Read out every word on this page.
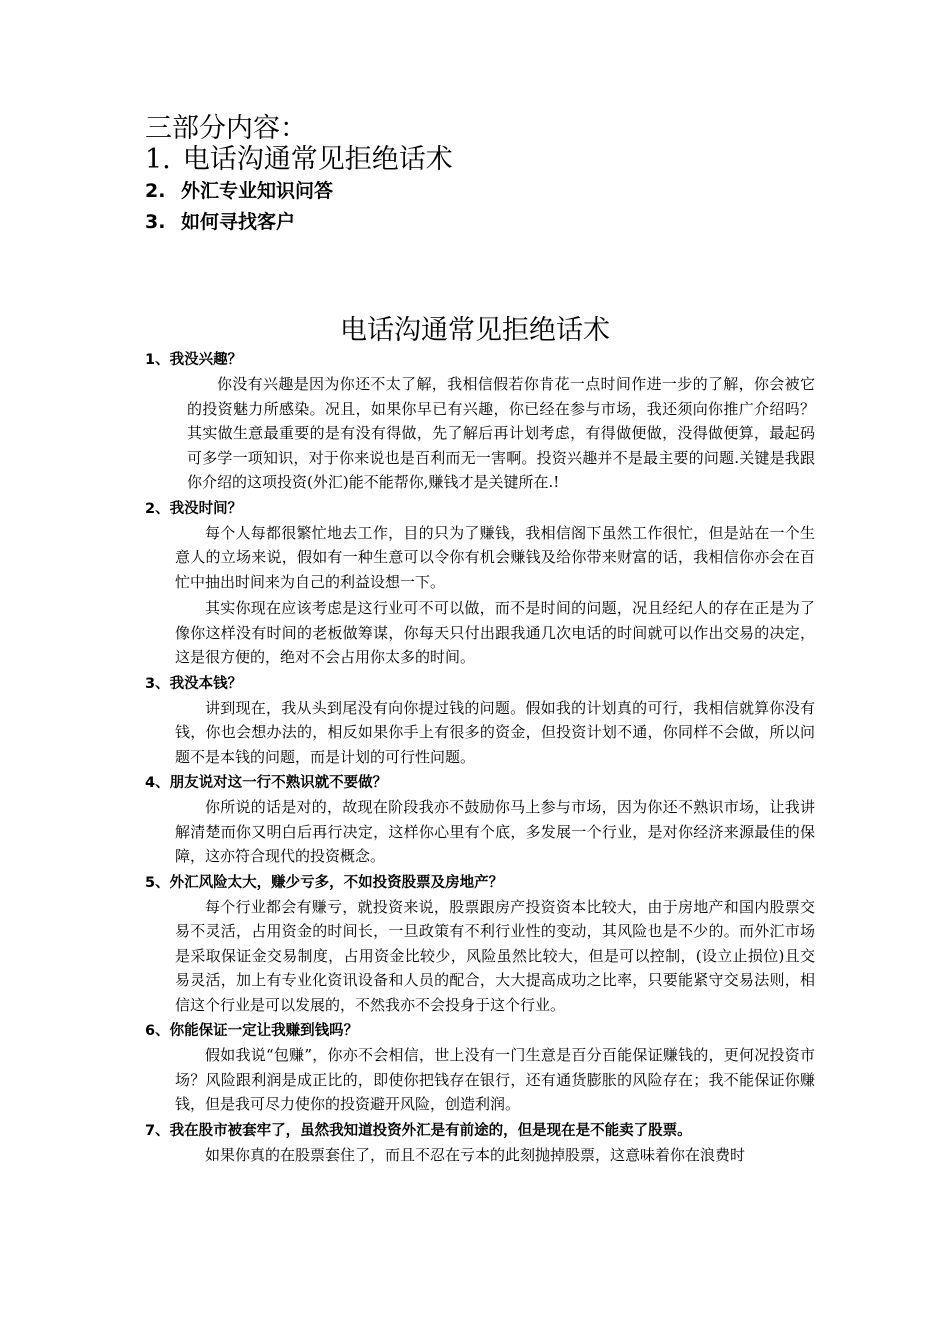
三部分内容：

1. 电话沟通常见拒绝话术

2. 外汇专业知识问答

3. 如何寻找客户

电话沟通常见拒绝话术

1、我没兴趣？

你没有兴趣是因为你还不太了解，我相信假若你肯花一点时间作进一步的了解，你会被它的投资魅力所感染。况且，如果你早已有兴趣，你已经在参与市场，我还须向你推广介绍吗？其实做生意最重要的是有没有得做，先了解后再计划考虑，有得做便做，没得做便算，最起码可多学一项知识，对于你来说也是百利而无一害啊。投资兴趣并不是最主要的问题.关键是我跟你介绍的这项投资(外汇)能不能帮你,赚钱才是关键所在.!

2、我没时间？

每个人每都很繁忙地去工作，目的只为了赚钱，我相信阁下虽然工作很忙，但是站在一个生意人的立场来说，假如有一种生意可以令你有机会赚钱及给你带来财富的话，我相信你亦会在百忙中抽出时间来为自己的利益设想一下。

其实你现在应该考虑是这行业可不可以做，而不是时间的问题，况且经纪人的存在正是为了像你这样没有时间的老板做筹谋，你每天只付出跟我通几次电话的时间就可以作出交易的决定，这是很方便的，绝对不会占用你太多的时间。

3、我没本钱？

讲到现在，我从头到尾没有向你提过钱的问题。假如我的计划真的可行，我相信就算你没有钱，你也会想办法的，相反如果你手上有很多的资金，但投资计划不通，你同样不会做，所以问题不是本钱的问题，而是计划的可行性问题。

4、朋友说对这一行不熟识就不要做？

你所说的话是对的，故现在阶段我亦不鼓励你马上参与市场，因为你还不熟识市场，让我讲解清楚而你又明白后再行决定，这样你心里有个底，多发展一个行业，是对你经济来源最佳的保障，这亦符合现代的投资概念。

5、外汇风险太大，赚少亏多，不如投资股票及房地产？

每个行业都会有赚亏，就投资来说，股票跟房产投资资本比较大，由于房地产和国内股票交易不灵活，占用资金的时间长，一旦政策有不利行业性的变动，其风险也是不少的。而外汇市场是采取保证金交易制度，占用资金比较少，风险虽然比较大，但是可以控制，(设立止损位)且交易灵活，加上有专业化资讯设备和人员的配合，大大提高成功之比率，只要能紧守交易法则，相信这个行业是可以发展的，不然我亦不会投身于这个行业。

6、你能保证一定让我赚到钱吗？

假如我说“包赚”，你亦不会相信，世上没有一门生意是百分百能保证赚钱的，更何况投资市场？风险跟利润是成正比的，即使你把钱存在银行，还有通货膨胀的风险存在；我不能保证你赚钱，但是我可尽力使你的投资避开风险，创造利润。

7、我在股市被套牢了，虽然我知道投资外汇是有前途的，但是现在是不能卖了股票。

如果你真的在股票套住了，而且不忍在亏本的此刻抛掉股票，这意味着你在浪费时
